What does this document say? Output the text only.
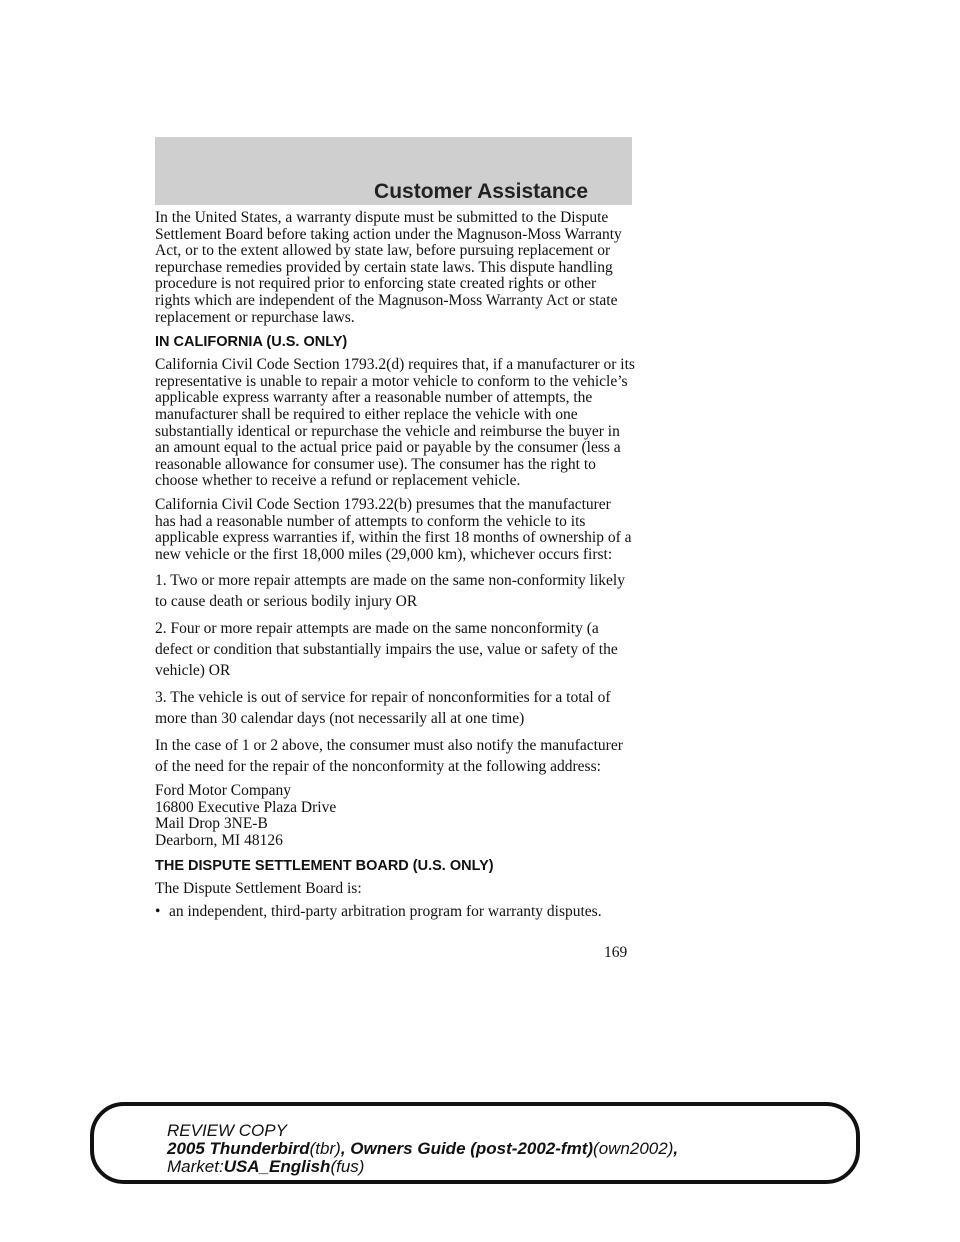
Customer Assistance

In the United States, a warranty dispute must be submitted to the Dispute Settlement Board before taking action under the Magnuson-Moss Warranty Act, or to the extent allowed by state law, before pursuing replacement or repurchase remedies provided by certain state laws. This dispute handling procedure is not required prior to enforcing state created rights or other rights which are independent of the Magnuson-Moss Warranty Act or state replacement or repurchase laws.

IN CALIFORNIA (U.S. ONLY)

California Civil Code Section 1793.2(d) requires that, if a manufacturer or its representative is unable to repair a motor vehicle to conform to the vehicle’s applicable express warranty after a reasonable number of attempts, the manufacturer shall be required to either replace the vehicle with one substantially identical or repurchase the vehicle and reimburse the buyer in an amount equal to the actual price paid or payable by the consumer (less a reasonable allowance for consumer use). The consumer has the right to choose whether to receive a refund or replacement vehicle.

California Civil Code Section 1793.22(b) presumes that the manufacturer has had a reasonable number of attempts to conform the vehicle to its applicable express warranties if, within the first 18 months of ownership of a new vehicle or the first 18,000 miles (29,000 km), whichever occurs first:

1. Two or more repair attempts are made on the same non-conformity likely to cause death or serious bodily injury OR

2. Four or more repair attempts are made on the same nonconformity (a defect or condition that substantially impairs the use, value or safety of the vehicle) OR

3. The vehicle is out of service for repair of nonconformities for a total of more than 30 calendar days (not necessarily all at one time)

In the case of 1 or 2 above, the consumer must also notify the manufacturer of the need for the repair of the nonconformity at the following address:

Ford Motor Company
16800 Executive Plaza Drive
Mail Drop 3NE-B
Dearborn, MI 48126

THE DISPUTE SETTLEMENT BOARD (U.S. ONLY)

The Dispute Settlement Board is:

• an independent, third-party arbitration program for warranty disputes.
169
REVIEW COPY
2005 Thunderbird(tbr), Owners Guide (post-2002-fmt)(own2002),
Market:USA_English(fus)
